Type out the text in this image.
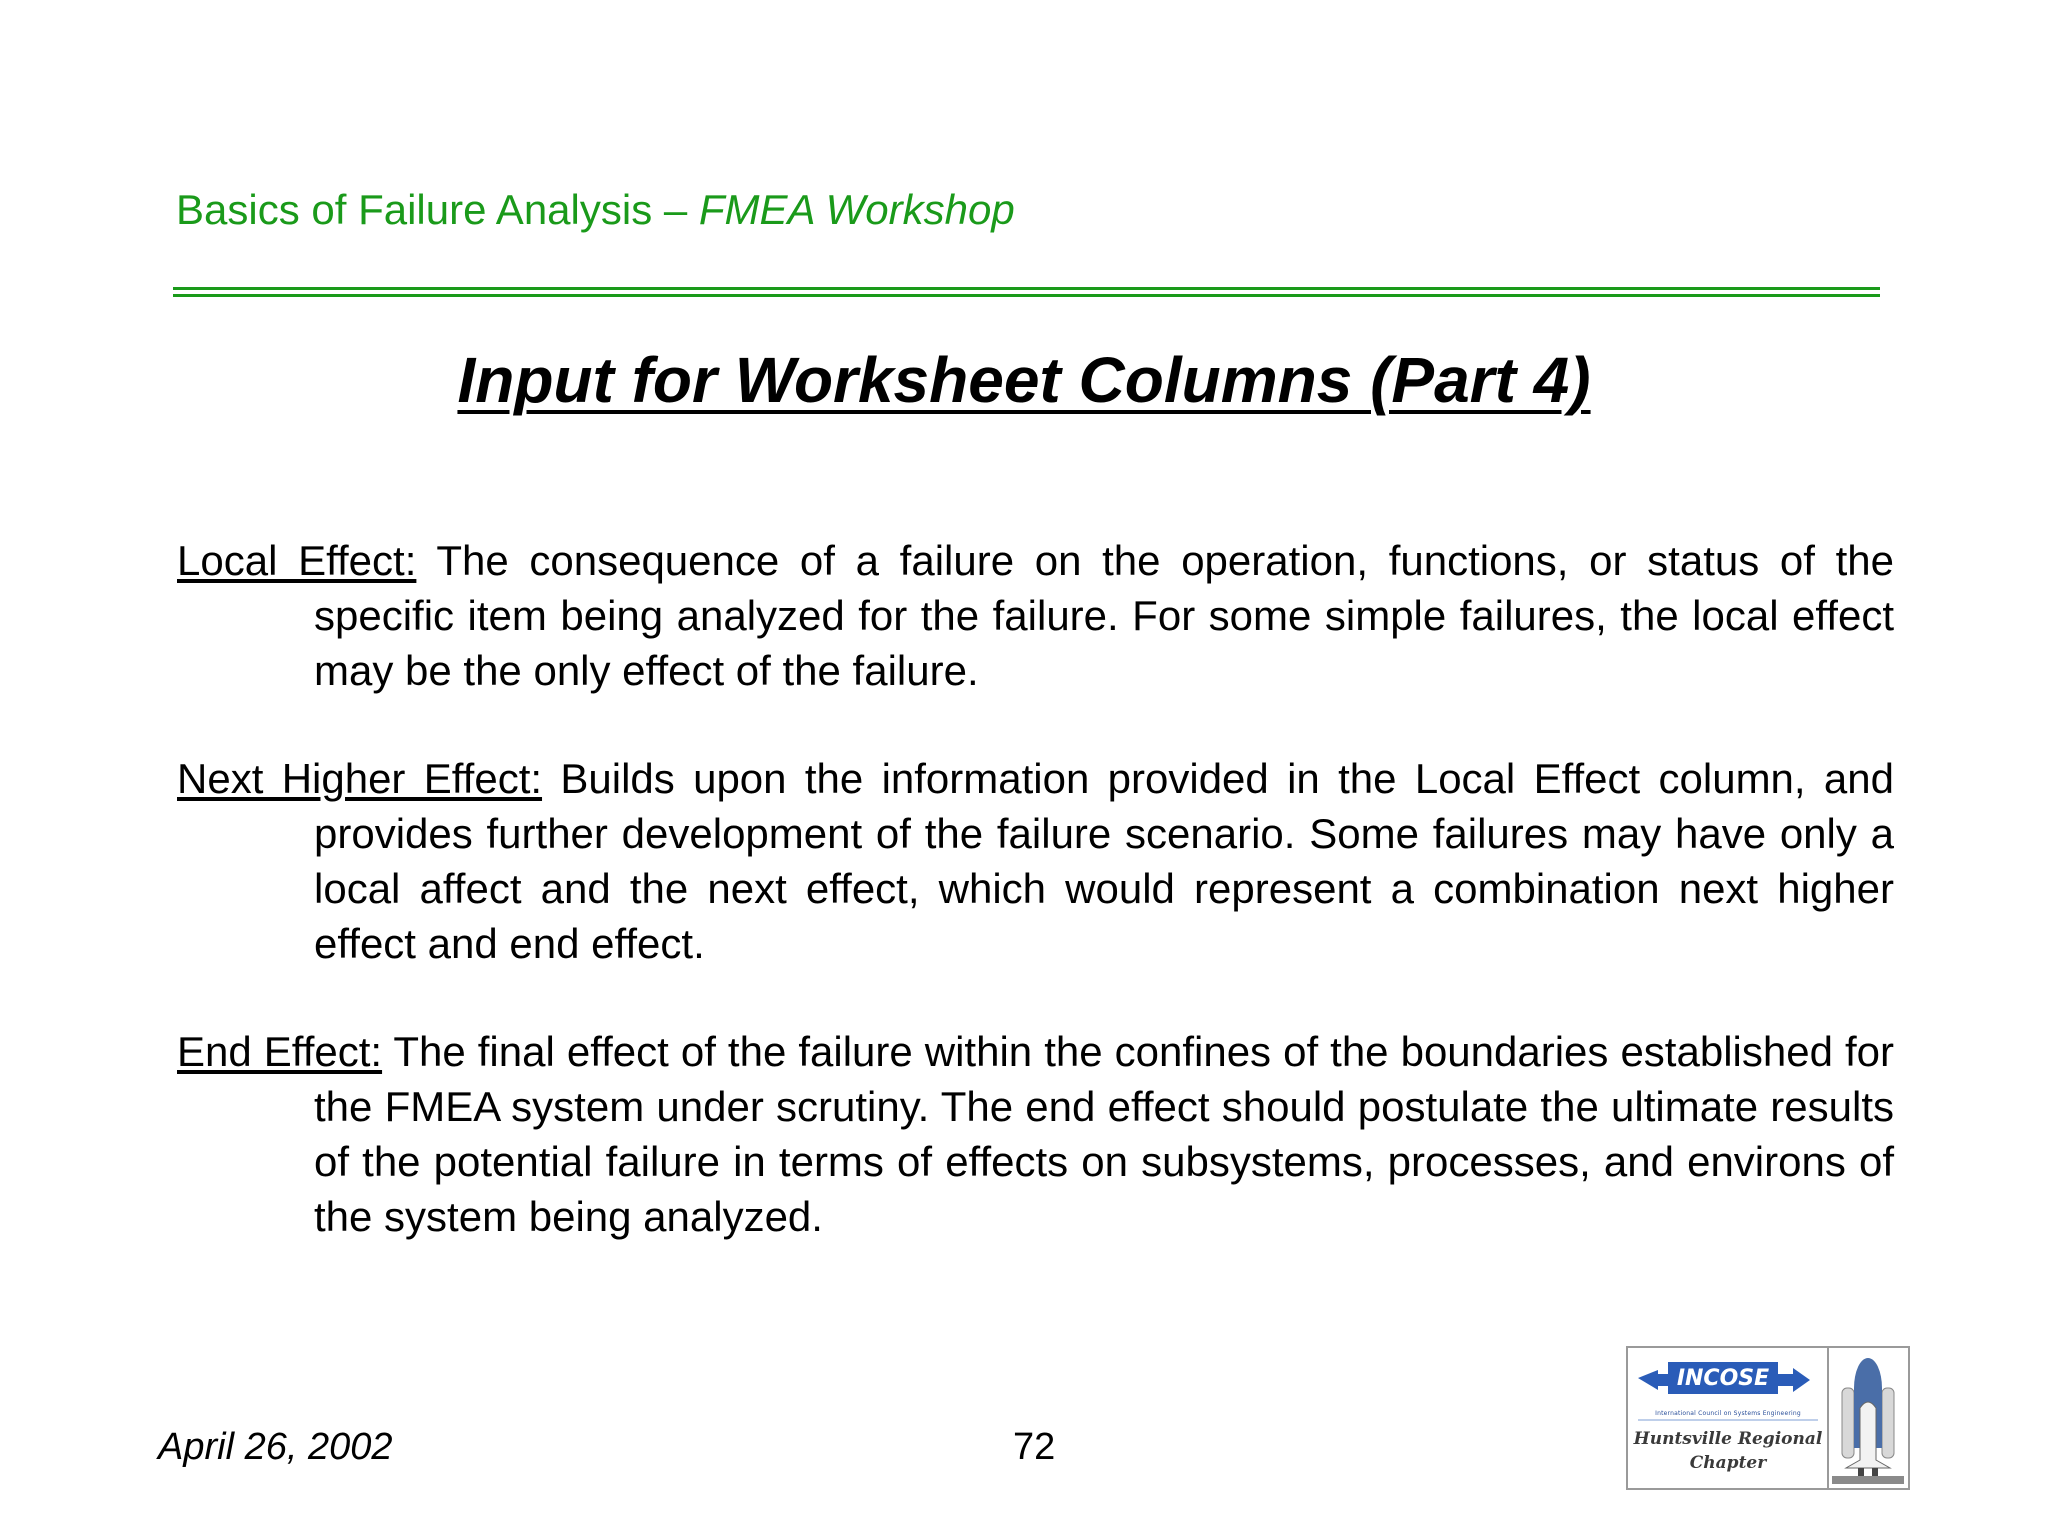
Basics of Failure Analysis – FMEA Workshop
Input for Worksheet Columns (Part 4)
Local Effect: The consequence of a failure on the operation, functions, or status of the specific item being analyzed for the failure. For some simple failures, the local effect may be the only effect of the failure.
Next Higher Effect: Builds upon the information provided in the Local Effect column, and provides further development of the failure scenario. Some failures may have only a local affect and the next effect, which would represent a combination next higher effect and end effect.
End Effect: The final effect of the failure within the confines of the boundaries established for the FMEA system under scrutiny. The end effect should postulate the ultimate results of the potential failure in terms of effects on subsystems, processes, and environs of the system being analyzed.
April 26, 2002	72
INCOSE
International Council on Systems Engineering
Huntsville Regional
Chapter
